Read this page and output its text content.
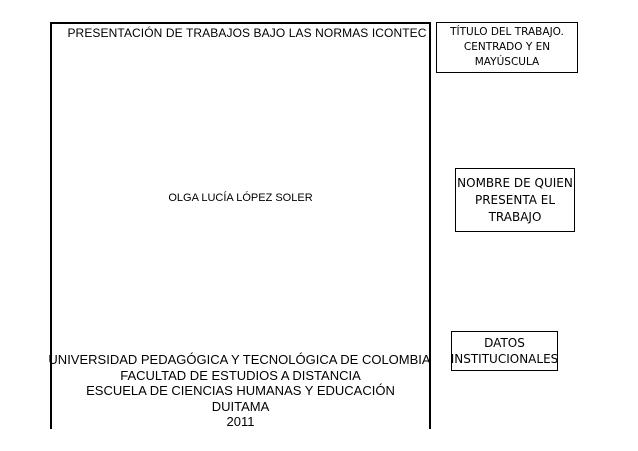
PRESENTACIÓN DE TRABAJOS BAJO LAS NORMAS ICONTEC
OLGA LUCÍA LÓPEZ SOLER
UNIVERSIDAD PEDAGÓGICA Y TECNOLÓGICA DE COLOMBIA
FACULTAD DE ESTUDIOS A DISTANCIA
ESCUELA DE CIENCIAS HUMANAS Y EDUCACIÓN
DUITAMA
2011
TÍTULO DEL TRABAJO.
CENTRADO Y EN
MAYÚSCULA
NOMBRE DE QUIEN
PRESENTA EL
TRABAJO
DATOS
INSTITUCIONALES
